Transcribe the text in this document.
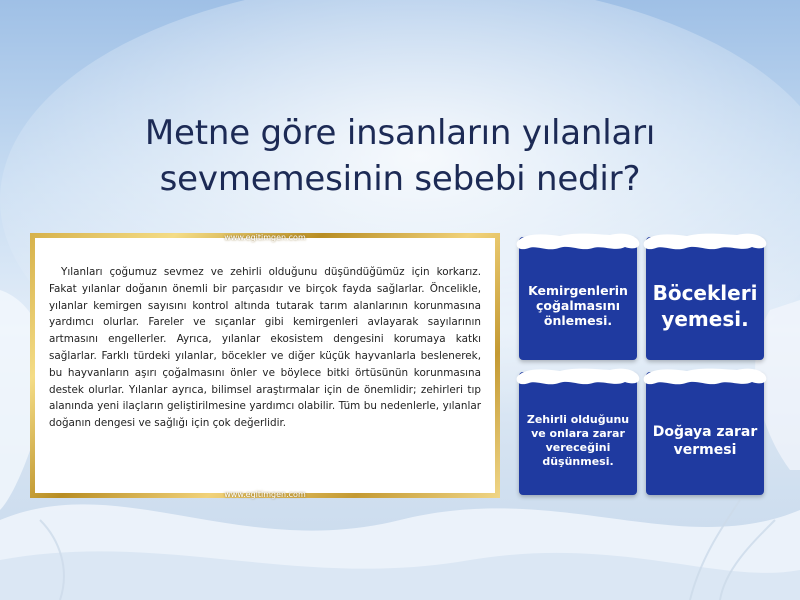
Metne göre insanların yılanları
sevmemesinin sebebi nedir?
www.egitimgen.com
Yılanları çoğumuz sevmez ve zehirli olduğunu düşündüğümüz için korkarız. Fakat yılanlar doğanın önemli bir parçasıdır ve birçok fayda sağlarlar. Öncelikle, yılanlar kemirgen sayısını kontrol altında tutarak tarım alanlarının korunmasına yardımcı olurlar. Fareler ve sıçanlar gibi kemirgenleri avlayarak sayılarının artmasını engellerler. Ayrıca, yılanlar ekosistem dengesini korumaya katkı sağlarlar. Farklı türdeki yılanlar, böcekler ve diğer küçük hayvanlarla beslenerek, bu hayvanların aşırı çoğalmasını önler ve böylece bitki örtüsünün korunmasına destek olurlar. Yılanlar ayrıca, bilimsel araştırmalar için de önemlidir; zehirleri tıp alanında yeni ilaçların geliştirilmesine yardımcı olabilir. Tüm bu nedenlerle, yılanlar doğanın dengesi ve sağlığı için çok değerlidir.
www.egitimgen.com
Kemirgenlerin çoğalmasını önlemesi.
Böcekleri yemesi.
Zehirli olduğunu ve onlara zarar vereceğini düşünmesi.
Doğaya zarar vermesi
